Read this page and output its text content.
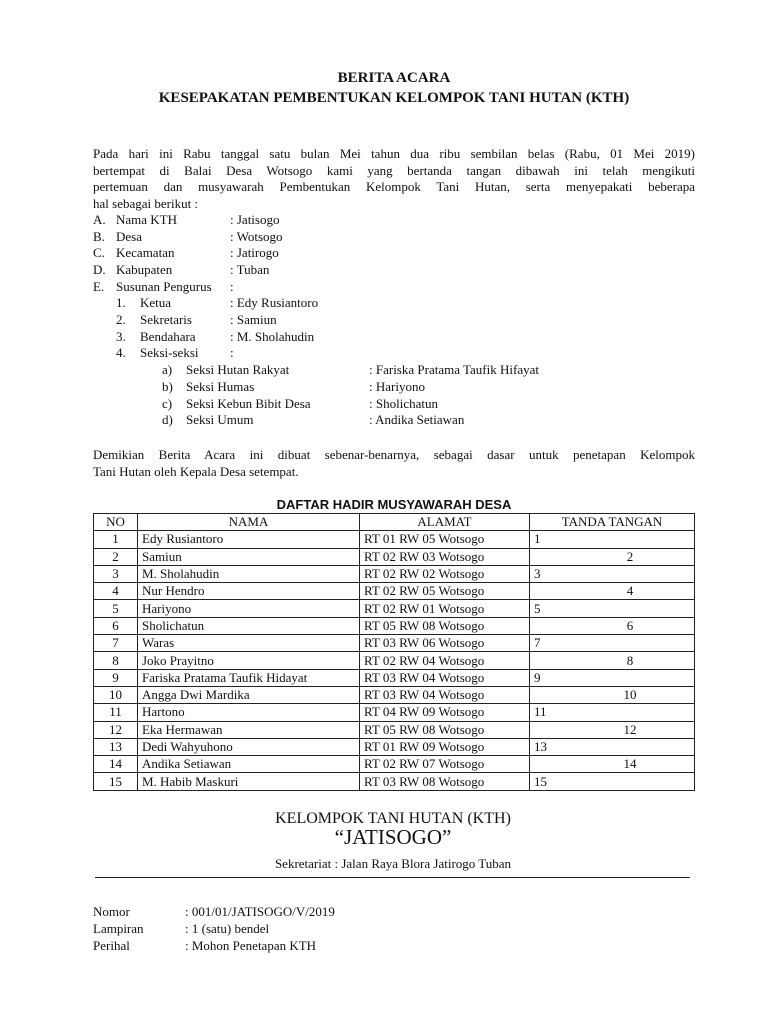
BERITA ACARA
KESEPAKATAN PEMBENTUKAN KELOMPOK TANI HUTAN (KTH)
Pada hari ini Rabu tanggal satu bulan Mei tahun dua ribu sembilan belas (Rabu, 01 Mei 2019)
bertempat di Balai Desa Wotsogo kami yang bertanda tangan dibawah ini telah mengikuti
pertemuan dan musyawarah Pembentukan Kelompok Tani Hutan, serta menyepakati beberapa
hal sebagai berikut :
A. Nama KTH	: Jatisogo
B. Desa	: Wotsogo
C. Kecamatan	: Jatirogo
D. Kabupaten	: Tuban
E. Susunan Pengurus :
1. Ketua	: Edy Rusiantoro
2. Sekretaris	: Samiun
3. Bendahara	: M. Sholahudin
4. Seksi-seksi :
a) Seksi Hutan Rakyat	: Fariska Pratama Taufik Hifayat
b) Seksi Humas	: Hariyono
c) Seksi Kebun Bibit Desa	: Sholichatun
d) Seksi Umum	: Andika Setiawan
Demikian Berita Acara ini dibuat sebenar-benarnya, sebagai dasar untuk penetapan Kelompok
Tani Hutan oleh Kepala Desa setempat.
DAFTAR HADIR MUSYAWARAH DESA
NO	NAMA	ALAMAT	TANDA TANGAN
1	Edy Rusiantoro	RT 01 RW 05 Wotsogo	1
2	Samiun	RT 02 RW 03 Wotsogo	2
3	M. Sholahudin	RT 02 RW 02 Wotsogo	3
4	Nur Hendro	RT 02 RW 05 Wotsogo	4
5	Hariyono	RT 02 RW 01 Wotsogo	5
6	Sholichatun	RT 05 RW 08 Wotsogo	6
7	Waras	RT 03 RW 06 Wotsogo	7
8	Joko Prayitno	RT 02 RW 04 Wotsogo	8
9	Fariska Pratama Taufik Hidayat	RT 03 RW 04 Wotsogo	9
10	Angga Dwi Mardika	RT 03 RW 04 Wotsogo	10
11	Hartono	RT 04 RW 09 Wotsogo	11
12	Eka Hermawan	RT 05 RW 08 Wotsogo	12
13	Dedi Wahyuhono	RT 01 RW 09 Wotsogo	13
14	Andika Setiawan	RT 02 RW 07 Wotsogo	14
15	M. Habib Maskuri	RT 03 RW 08 Wotsogo	15
KELOMPOK TANI HUTAN (KTH)
“JATISOGO”
Sekretariat : Jalan Raya Blora Jatirogo Tuban
Nomor	: 001/01/JATISOGO/V/2019
Lampiran	: 1 (satu) bendel
Perihal	: Mohon Penetapan KTH
